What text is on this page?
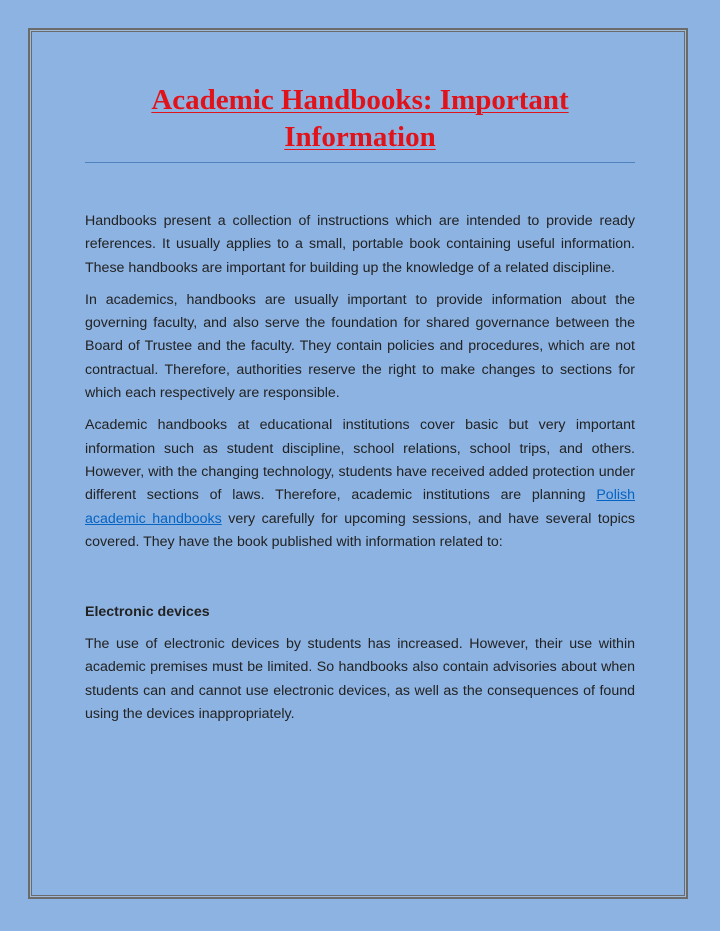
Academic Handbooks: Important Information

Handbooks present a collection of instructions which are intended to provide ready references. It usually applies to a small, portable book containing useful information. These handbooks are important for building up the knowledge of a related discipline.

In academics, handbooks are usually important to provide information about the governing faculty, and also serve the foundation for shared governance between the Board of Trustee and the faculty. They contain policies and procedures, which are not contractual. Therefore, authorities reserve the right to make changes to sections for which each respectively are responsible.

Academic handbooks at educational institutions cover basic but very important information such as student discipline, school relations, school trips, and others. However, with the changing technology, students have received added protection under different sections of laws. Therefore, academic institutions are planning Polish academic handbooks very carefully for upcoming sessions, and have several topics covered. They have the book published with information related to:

Electronic devices

The use of electronic devices by students has increased. However, their use within academic premises must be limited. So handbooks also contain advisories about when students can and cannot use electronic devices, as well as the consequences of found using the devices inappropriately.
